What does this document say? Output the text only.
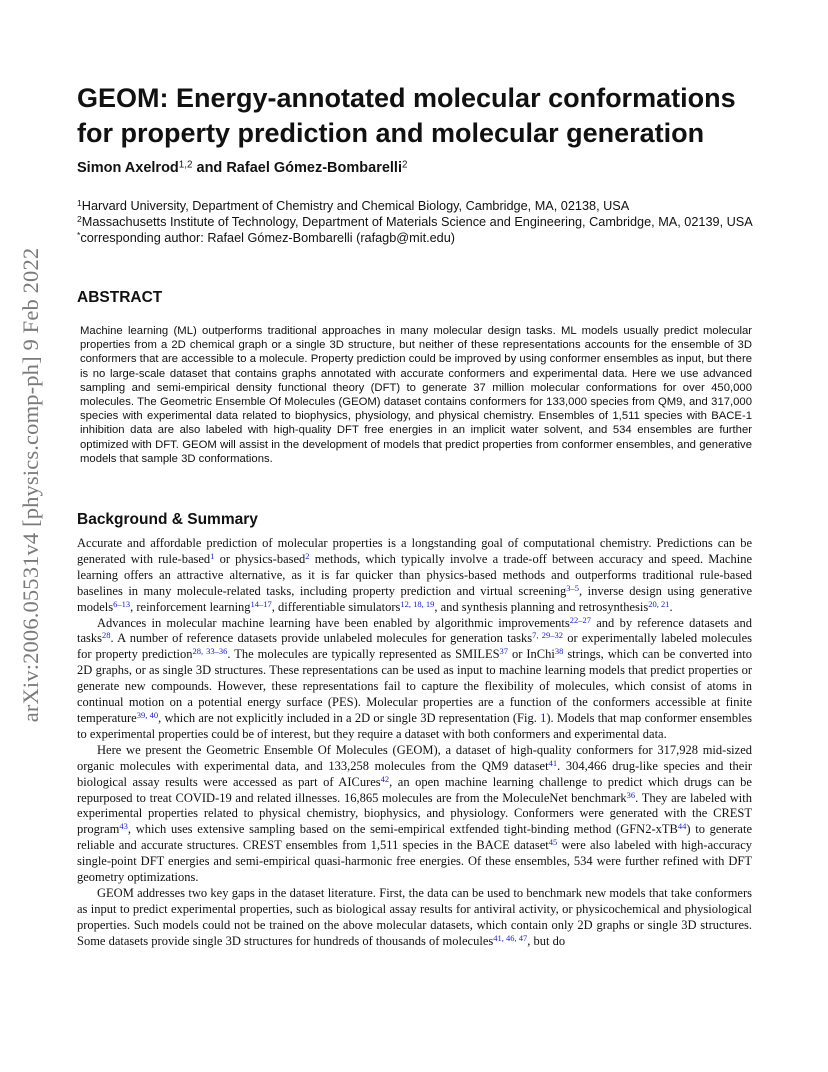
arXiv:2006.05531v4 [physics.comp-ph] 9 Feb 2022
GEOM: Energy-annotated molecular conformations for property prediction and molecular generation
Simon Axelrod$^{1,2}$ and Rafael Gómez-Bombarelli$^2$

$^1$Harvard University, Department of Chemistry and Chemical Biology, Cambridge, MA, 02138, USA

$^2$Massachusetts Institute of Technology, Department of Materials Science and Engineering, Cambridge, MA, 02139, USA

*corresponding author: Rafael Gómez-Bombarelli (rafagb@mit.edu)

ABSTRACT

Machine learning (ML) outperforms traditional approaches in many molecular design tasks. ML models usually predict molecular properties from a 2D chemical graph or a single 3D structure, but neither of these representations accounts for the ensemble of 3D conformers that are accessible to a molecule. Property prediction could be improved by using conformer ensembles as input, but there is no large-scale dataset that contains graphs annotated with accurate conformers and experimental data. Here we use advanced sampling and semi-empirical density functional theory (DFT) to generate 37 million molecular conformations for over 450,000 molecules. The Geometric Ensemble Of Molecules (GEOM) dataset contains conformers for 133,000 species from QM9, and 317,000 species with experimental data related to biophysics, physiology, and physical chemistry. Ensembles of 1,511 species with BACE-1 inhibition data are also labeled with high-quality DFT free energies in an implicit water solvent, and 534 ensembles are further optimized with DFT. GEOM will assist in the development of models that predict properties from conformer ensembles, and generative models that sample 3D conformations.

Background & Summary

Accurate and affordable prediction of molecular properties is a longstanding goal of computational chemistry. Predictions can be generated with rule-based$^1$ or physics-based$^2$ methods, which typically involve a trade-off between accuracy and speed. Machine learning offers an attractive alternative, as it is far quicker than physics-based methods and outperforms traditional rule-based baselines in many molecule-related tasks, including property prediction and virtual screening$^{3-5}$, inverse design using generative models$^{6-13}$, reinforcement learning$^{14-17}$, differentiable simulators$^{12, 18, 19}$, and synthesis planning and retrosynthesis$^{20, 21}$.

Advances in molecular machine learning have been enabled by algorithmic improvements$^{22-27}$ and by reference datasets and tasks$^{28}$. A number of reference datasets provide unlabeled molecules for generation tasks$^{7, 29-32}$ or experimentally labeled molecules for property prediction$^{28, 33-36}$. The molecules are typically represented as SMILES$^{37}$ or InChi$^{38}$ strings, which can be converted into 2D graphs, or as single 3D structures. These representations can be used as input to machine learning models that predict properties or generate new compounds. However, these representations fail to capture the flexibility of molecules, which consist of atoms in continual motion on a potential energy surface (PES). Molecular properties are a function of the conformers accessible at finite temperature$^{39, 40}$, which are not explicitly included in a 2D or single 3D representation (Fig. 1). Models that map conformer ensembles to experimental properties could be of interest, but they require a dataset with both conformers and experimental data.

Here we present the Geometric Ensemble Of Molecules (GEOM), a dataset of high-quality conformers for 317,928 mid-sized organic molecules with experimental data, and 133,258 molecules from the QM9 dataset$^{41}$. 304,466 drug-like species and their biological assay results were accessed as part of AICures$^{42}$, an open machine learning challenge to predict which drugs can be repurposed to treat COVID-19 and related illnesses. 16,865 molecules are from the MoleculeNet benchmark$^{36}$. They are labeled with experimental properties related to physical chemistry, biophysics, and physiology. Conformers were generated with the CREST program$^{43}$, which uses extensive sampling based on the semi-empirical extfended tight-binding method (GFN2-xTB$^{44}$) to generate reliable and accurate structures. CREST ensembles from 1,511 species in the BACE dataset$^{45}$ were also labeled with high-accuracy single-point DFT energies and semi-empirical quasi-harmonic free energies. Of these ensembles, 534 were further refined with DFT geometry optimizations.

GEOM addresses two key gaps in the dataset literature. First, the data can be used to benchmark new models that take conformers as input to predict experimental properties, such as biological assay results for antiviral activity, or physicochemical and physiological properties. Such models could not be trained on the above molecular datasets, which contain only 2D graphs or single 3D structures. Some datasets provide single 3D structures for hundreds of thousands of molecules$^{41, 46, 47}$, but do
